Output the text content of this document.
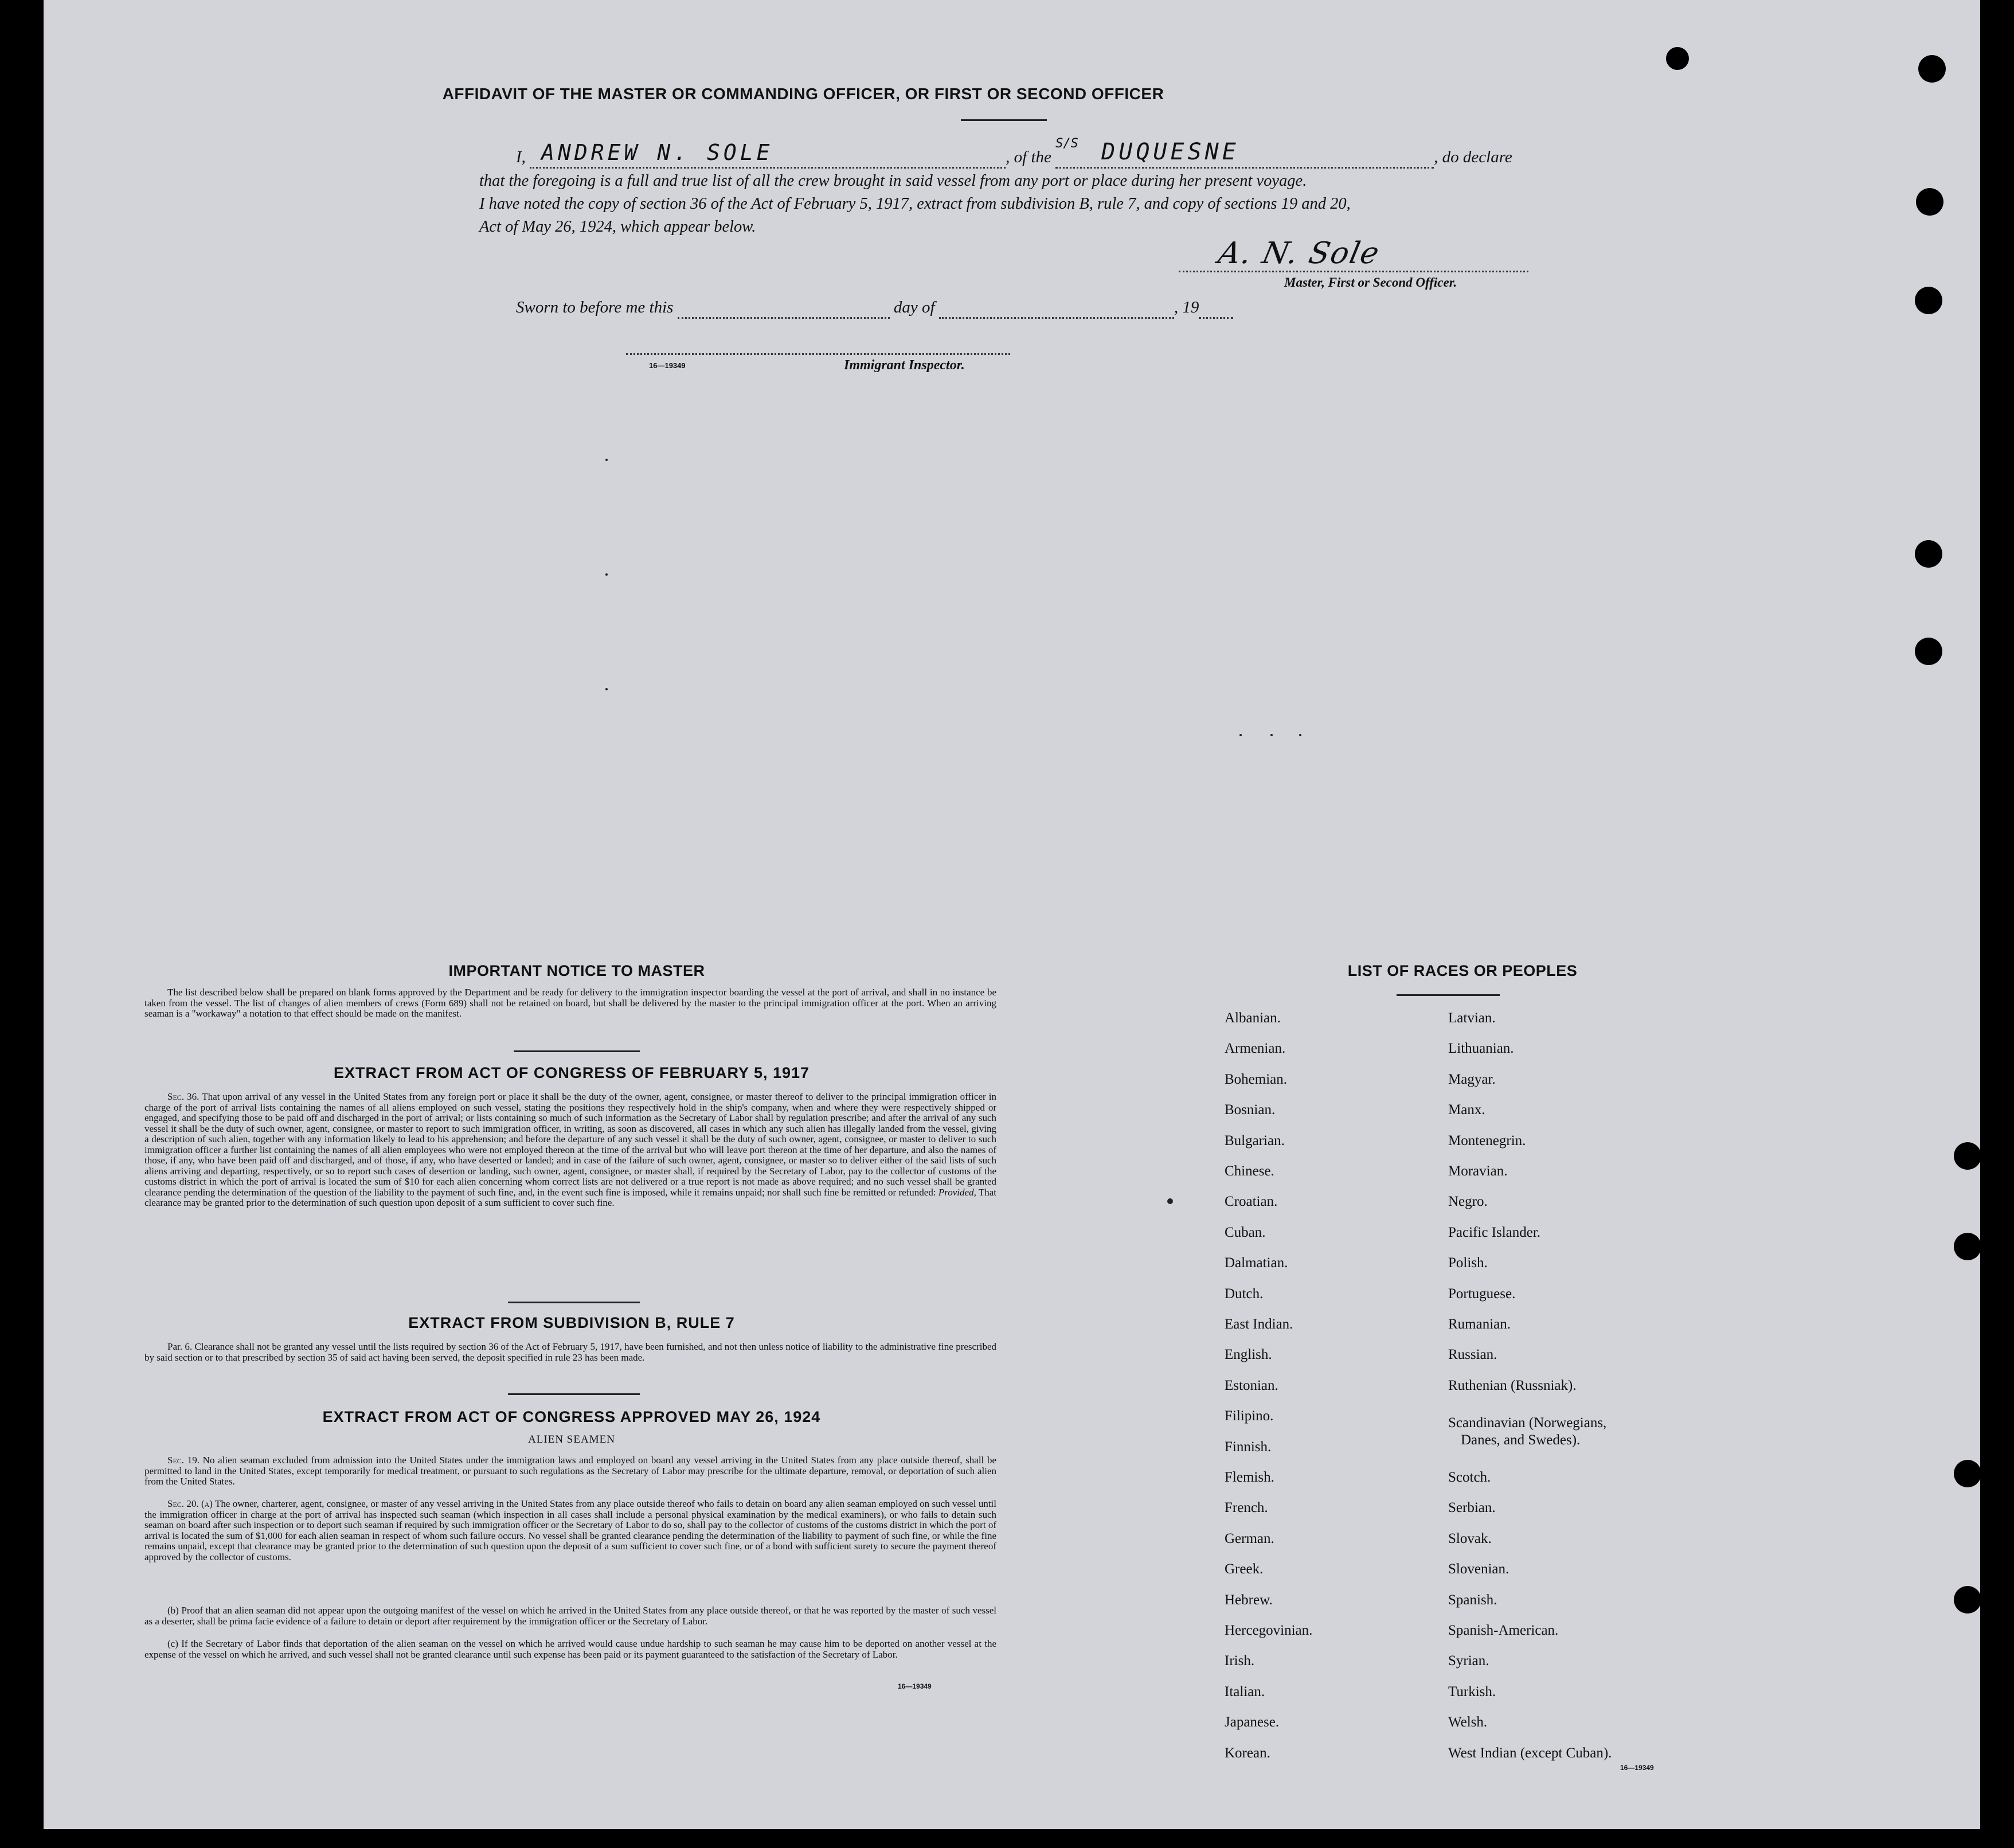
AFFIDAVIT OF THE MASTER OR COMMANDING OFFICER, OR FIRST OR SECOND OFFICER
I, ANDREW N. SOLE	, of the
S/S DUQUESNE	, do declare
that the foregoing is a full and true list of all the crew brought in said vessel from any port or place during her present voyage.
I have noted the copy of section 36 of the Act of February 5, 1917, extract from subdivision B, rule 7, and copy of sections 19 and 20,
Act of May 26, 1924, which appear below.
A. N. Sole
Master, First or Second Officer.
Sworn to before me this	day of	, 19
16—19349	Immigrant Inspector.
IMPORTANT NOTICE TO MASTER
The list described below shall be prepared on blank forms approved by the Department and be ready for delivery to the immigration inspector boarding the vessel at the port of arrival, and shall in no instance be taken from the vessel. The list of changes of alien members of crews (Form 689) shall not be retained on board, but shall be delivered by the master to the principal immigration officer at the port. When an arriving seaman is a "workaway" a notation to that effect should be made on the manifest.
EXTRACT FROM ACT OF CONGRESS OF FEBRUARY 5, 1917
Sec. 36. That upon arrival of any vessel in the United States from any foreign port or place it shall be the duty of the owner, agent, consignee, or master thereof to deliver to the principal immigration officer in charge of the port of arrival lists containing the names of all aliens employed on such vessel, stating the positions they respectively hold in the ship's company, when and where they were respectively shipped or engaged, and specifying those to be paid off and discharged in the port of arrival; or lists containing so much of such information as the Secretary of Labor shall by regulation prescribe; and after the arrival of any such vessel it shall be the duty of such owner, agent, consignee, or master to report to such immigration officer, in writing, as soon as discovered, all cases in which any such alien has illegally landed from the vessel, giving a description of such alien, together with any information likely to lead to his apprehension; and before the departure of any such vessel it shall be the duty of such owner, agent, consignee, or master to deliver to such immigration officer a further list containing the names of all alien employees who were not employed thereon at the time of the arrival but who will leave port thereon at the time of her departure, and also the names of those, if any, who have been paid off and discharged, and of those, if any, who have deserted or landed; and in case of the failure of such owner, agent, consignee, or master so to deliver either of the said lists of such aliens arriving and departing, respectively, or so to report such cases of desertion or landing, such owner, agent, consignee, or master shall, if required by the Secretary of Labor, pay to the collector of customs of the customs district in which the port of arrival is located the sum of $10 for each alien concerning whom correct lists are not delivered or a true report is not made as above required; and no such vessel shall be granted clearance pending the determination of the question of the liability to the payment of such fine, and, in the event such fine is imposed, while it remains unpaid; nor shall such fine be remitted or refunded: Provided, That clearance may be granted prior to the determination of such question upon deposit of a sum sufficient to cover such fine.
EXTRACT FROM SUBDIVISION B, RULE 7
Par. 6. Clearance shall not be granted any vessel until the lists required by section 36 of the Act of February 5, 1917, have been furnished, and not then unless notice of liability to the administrative fine prescribed by said section or to that prescribed by section 35 of said act having been served, the deposit specified in rule 23 has been made.
EXTRACT FROM ACT OF CONGRESS APPROVED MAY 26, 1924
ALIEN SEAMEN
Sec. 19. No alien seaman excluded from admission into the United States under the immigration laws and employed on board any vessel arriving in the United States from any place outside thereof, shall be permitted to land in the United States, except temporarily for medical treatment, or pursuant to such regulations as the Secretary of Labor may prescribe for the ultimate departure, removal, or deportation of such alien from the United States.
Sec. 20. (a) The owner, charterer, agent, consignee, or master of any vessel arriving in the United States from any place outside thereof who fails to detain on board any alien seaman employed on such vessel until the immigration officer in charge at the port of arrival has inspected such seaman (which inspection in all cases shall include a personal physical examination by the medical examiners), or who fails to detain such seaman on board after such inspection or to deport such seaman if required by such immigration officer or the Secretary of Labor to do so, shall pay to the collector of customs of the customs district in which the port of arrival is located the sum of $1,000 for each alien seaman in respect of whom such failure occurs. No vessel shall be granted clearance pending the determination of the liability to payment of such fine, or while the fine remains unpaid, except that clearance may be granted prior to the determination of such question upon the deposit of a sum sufficient to cover such fine, or of a bond with sufficient surety to secure the payment thereof approved by the collector of customs.
(b) Proof that an alien seaman did not appear upon the outgoing manifest of the vessel on which he arrived in the United States from any place outside thereof, or that he was reported by the master of such vessel as a deserter, shall be prima facie evidence of a failure to detain or deport after requirement by the immigration officer or the Secretary of Labor.
(c) If the Secretary of Labor finds that deportation of the alien seaman on the vessel on which he arrived would cause undue hardship to such seaman he may cause him to be deported on another vessel at the expense of the vessel on which he arrived, and such vessel shall not be granted clearance until such expense has been paid or its payment guaranteed to the satisfaction of the Secretary of Labor.
16—19349
LIST OF RACES OR PEOPLES
Danes, and Swedes).
16—19349
Albanian.
Armenian.
Bohemian.
Bosnian.
Bulgarian.
Chinese.
Croatian.
Cuban.
Dalmatian.
Dutch.
East Indian.
English.
Estonian.
Filipino.
Finnish.
Flemish.
French.
German.
Greek.
Hebrew.
Hercegovinian.
Irish.
Italian.
Japanese.
Korean.
Latvian.
Lithuanian.
Magyar.
Manx.
Montenegrin.
Moravian.
Negro.
Pacific Islander.
Polish.
Portuguese.
Rumanian.
Russian.
Ruthenian (Russniak).
Scandinavian (Norwegians,
Scotch.
Serbian.
Slovak.
Slovenian.
Spanish.
Spanish-American.
Syrian.
Turkish.
Welsh.
West Indian (except Cuban).
